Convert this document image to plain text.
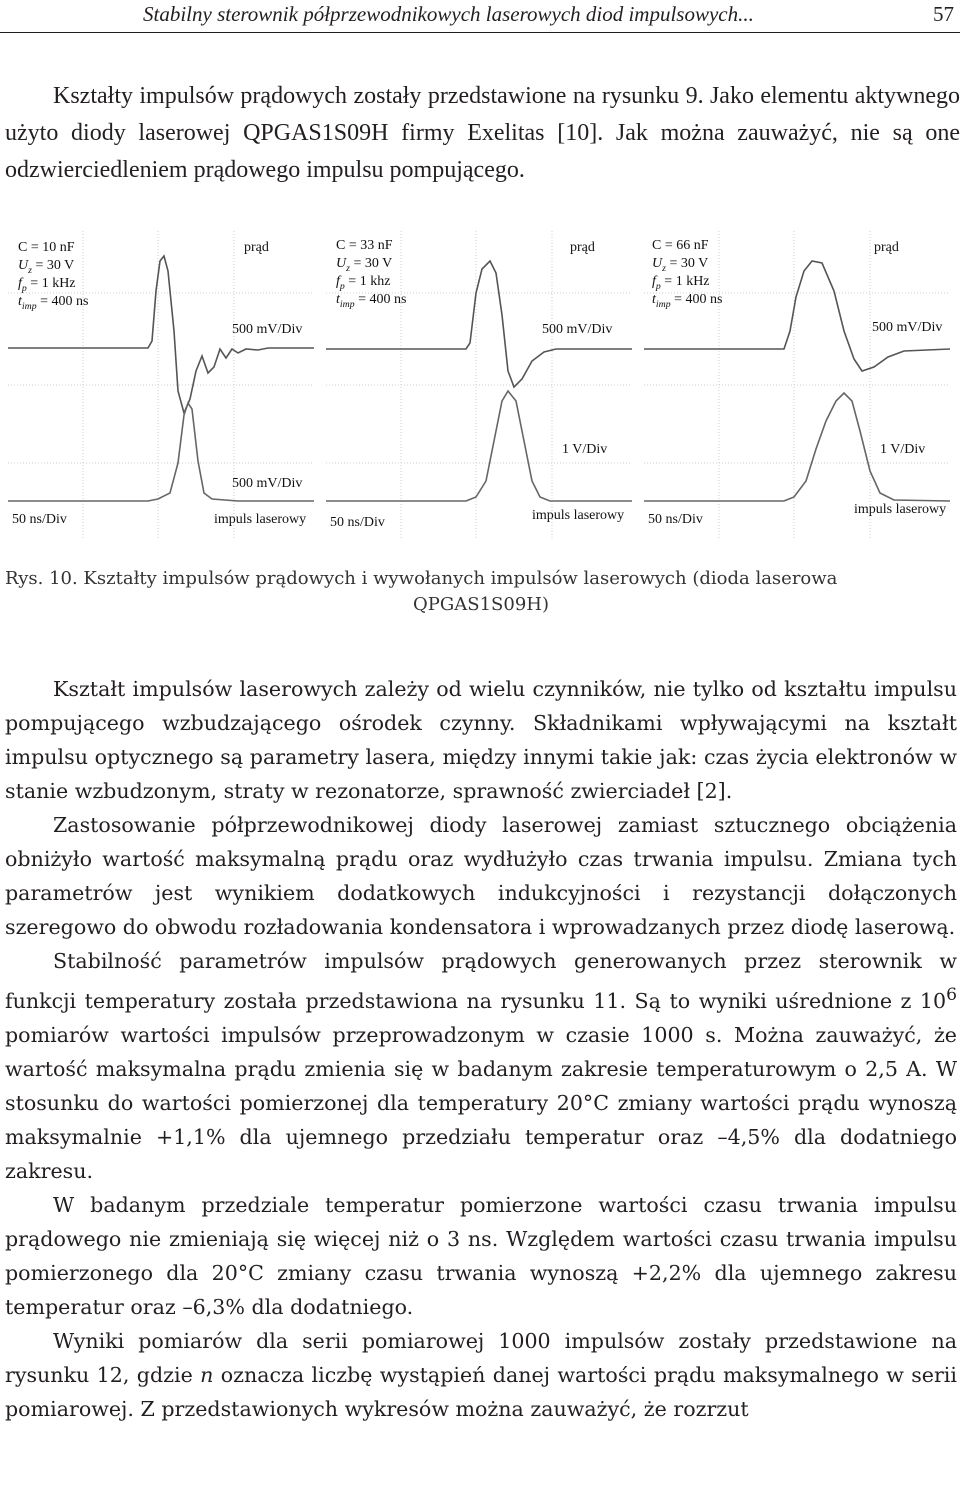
Stabilny sterownik półprzewodnikowych laserowych diod impulsowych...	57

Kształty impulsów prądowych zostały przedstawione na rysunku 9. Jako elementu aktywnego użyto diody laserowej QPGAS1S09H firmy Exelitas [10]. Jak można zauważyć, nie są one odzwierciedleniem prądowego impulsu pompującego.

C = 10 nF
$U_z = 30$ V
$f_p = 1$ kHz
$t_{imp} = 400$ ns
prąd
500 mV/Div
500 mV/Div
50 ns/Div	impuls laserowy
C = 33 nF
$U_z = 30$ V
$f_p = 1$ khz
$t_{imp} = 400$ ns
prąd
500 mV/Div
1 V/Div
50 ns/Div	impuls laserowy
C = 66 nF
$U_z = 30$ V
$f_p = 1$ kHz
$t_{imp} = 400$ ns
prąd
500 mV/Div
1 V/Div
50 ns/Div
impuls laserowy
Rys. 10. Kształty impulsów prądowych i wywołanych impulsów laserowych (dioda laserowa
QPGAS1S09H)

Kształt impulsów laserowych zależy od wielu czynników, nie tylko od kształtu impulsu pompującego wzbudzającego ośrodek czynny. Składnikami wpływającymi na kształt impulsu optycznego są parametry lasera, między innymi takie jak: czas życia elektronów w stanie wzbudzonym, straty w rezonatorze, sprawność zwierciadeł [2].

Zastosowanie półprzewodnikowej diody laserowej zamiast sztucznego obciążenia obniżyło wartość maksymalną prądu oraz wydłużyło czas trwania impulsu. Zmiana tych parametrów jest wynikiem dodatkowych indukcyjności i rezystancji dołączonych szeregowo do obwodu rozładowania kondensatora i wprowadzanych przez diodę laserową.

Stabilność parametrów impulsów prądowych generowanych przez sterownik w funkcji temperatury została przedstawiona na rysunku 11. Są to wyniki uśrednione z $10^6$ pomiarów wartości impulsów przeprowadzonym w czasie 1000 s. Można zauważyć, że wartość maksymalna prądu zmienia się w badanym zakresie temperaturowym o 2,5 A. W stosunku do wartości pomierzonej dla temperatury 20°C zmiany wartości prądu wynoszą maksymalnie +1,1% dla ujemnego przedziału temperatur oraz –4,5% dla dodatniego zakresu.

W badanym przedziale temperatur pomierzone wartości czasu trwania impulsu prądowego nie zmieniają się więcej niż o 3 ns. Względem wartości czasu trwania impulsu pomierzonego dla 20°C zmiany czasu trwania wynoszą +2,2% dla ujemnego zakresu temperatur oraz –6,3% dla dodatniego.

Wyniki pomiarów dla serii pomiarowej 1000 impulsów zostały przedstawione na rysunku 12, gdzie n oznacza liczbę wystąpień danej wartości prądu maksymalnego w serii pomiarowej. Z przedstawionych wykresów można zauważyć, że rozrzut
